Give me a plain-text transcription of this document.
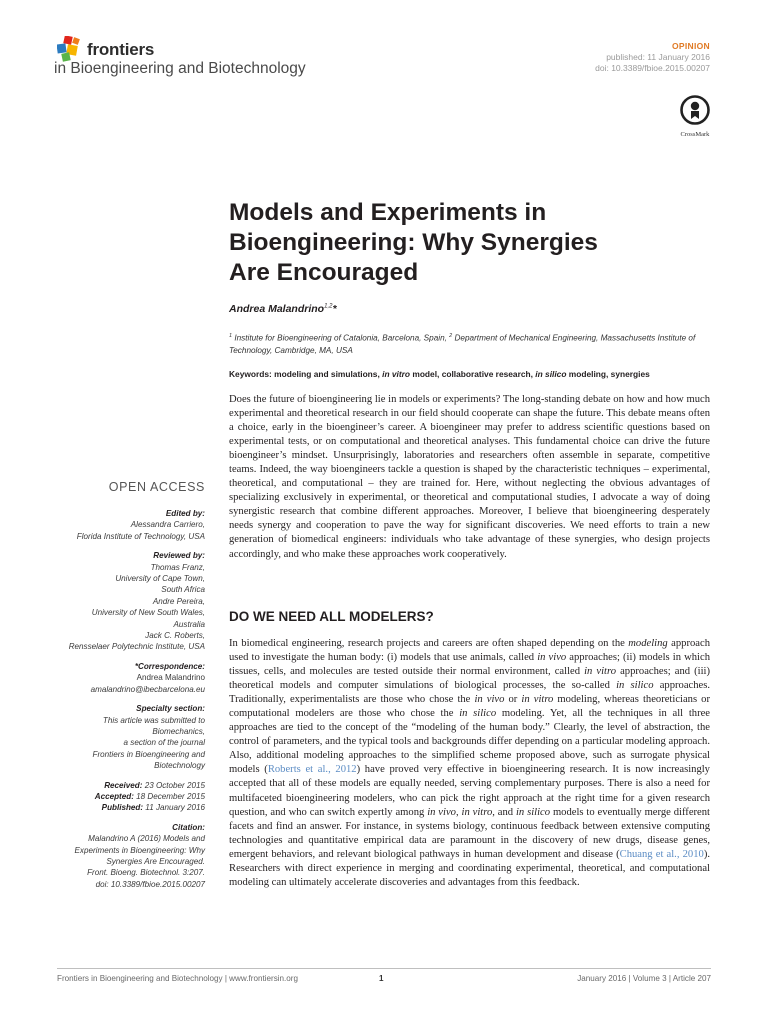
frontiers
in Bioengineering and Biotechnology
OPINION
published: 11 January 2016
doi: 10.3389/fbioe.2015.00207
CrossMark
Models and Experiments in
Bioengineering: Why Synergies
Are Encouraged
Andrea Malandrino$^{1,2}$*
$^1$ Institute for Bioengineering of Catalonia, Barcelona, Spain, $^2$ Department of Mechanical Engineering, Massachusetts Institute of Technology, Cambridge, MA, USA
Keywords: modeling and simulations, in vitro model, collaborative research, in silico modeling, synergies
Does the future of bioengineering lie in models or experiments? The long-standing debate on how and how much experimental and theoretical research in our field should cooperate can shape the future. This debate means often a choice, early in the bioengineer’s career. A bioengineer may prefer to address scientific questions based on experimental tests, or on computational and theoretical analyses. This fundamental choice can drive the future bioengineer’s mindset. Unsurprisingly, laboratories and researchers often assemble in separate, competitive teams. Indeed, the way bioengineers tackle a question is shaped by the characteristic techniques – experimental, theoretical, and computational – they are trained for. Here, without neglecting the obvious advantages of specializing exclusively in experimental, or theoretical and computational studies, I advocate a way of doing synergistic research that combine different approaches. Moreover, I believe that bioengineering desperately needs synergy and cooperation to pave the way for significant discoveries. We need efforts to train a new generation of biomedical engineers: individuals who take advantage of these synergies, who design projects accordingly, and who make these approaches work cooperatively.
DO WE NEED ALL MODELERS?
In biomedical engineering, research projects and careers are often shaped depending on the modeling approach used to investigate the human body: (i) models that use animals, called in vivo approaches; (ii) models in which tissues, cells, and molecules are tested outside their normal environment, called in vitro approaches; and (iii) theoretical models and computer simulations of biological processes, the so-called in silico approaches. Traditionally, experimentalists are those who chose the in vivo or in vitro modeling, whereas theoreticians or computational modelers are those who chose the in silico modeling. Yet, all the techniques in all three approaches are tied to the concept of the “modeling of the human body.” Clearly, the level of abstraction, the control of parameters, and the typical tools and backgrounds differ depending on a particular modeling approach. Also, additional modeling approaches to the simplified scheme proposed above, such as surrogate physical models (Roberts et al., 2012) have proved very effective in bioengineering research. It is now increasingly accepted that all of these models are equally needed, serving complementary purposes. There is also a need for multifaceted bioengineering modelers, who can pick the right approach at the right time for a given research question, and who can switch expertly among in vivo, in vitro, and in silico models to eventually merge different facets and find an answer. For instance, in systems biology, continuous feedback between extensive computing technologies and quantitative empirical data are paramount in the discovery of new drugs, disease genes, emergent behaviors, and relevant biological pathways in human development and disease (Chuang et al., 2010). Researchers with direct experience in merging and coordinating experimental, theoretical, and computational modeling can ultimately accelerate discoveries and advantages from this feedback.
OPEN ACCESS
Edited by:
Alessandra Carriero,
Florida Institute of Technology, USA
Reviewed by:
Thomas Franz,
University of Cape Town,
South Africa
Andre Pereira,
University of New South Wales,
Australia
Jack C. Roberts,
Rensselaer Polytechnic Institute, USA
*Correspondence:
Andrea Malandrino
amalandrino@ibecbarcelona.eu
Specialty section:
This article was submitted to
Biomechanics,
a section of the journal
Frontiers in Bioengineering and
Biotechnology
Received: 23 October 2015
Accepted: 18 December 2015
Published: 11 January 2016
Citation:
Malandrino A (2016) Models and
Experiments in Bioengineering: Why
Synergies Are Encouraged.
Front. Bioeng. Biotechnol. 3:207.
doi: 10.3389/fbioe.2015.00207
Frontiers in Bioengineering and Biotechnology | www.frontiersin.org	1	January 2016 | Volume 3 | Article 207
